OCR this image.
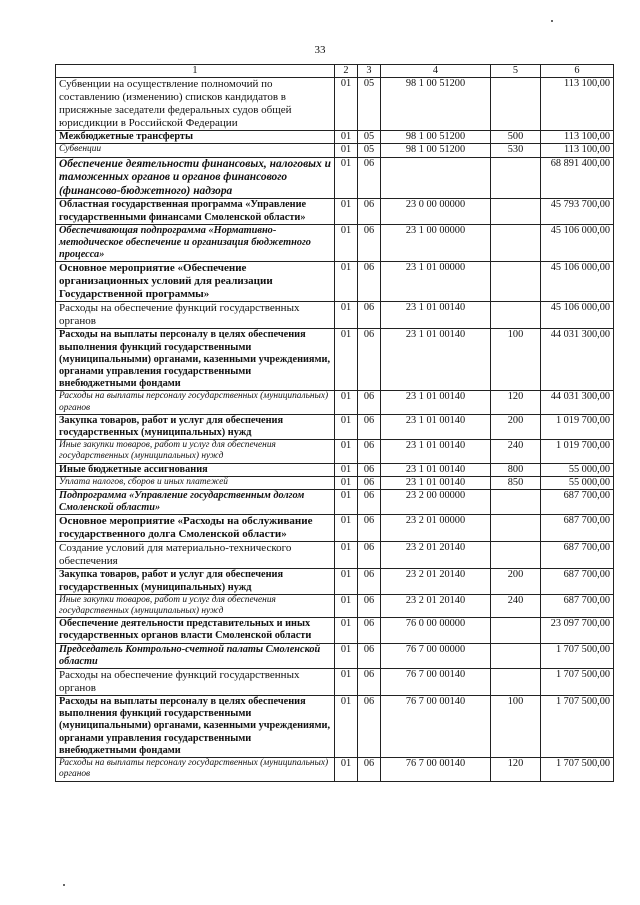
33
1	2	3	4	5	6
Субвенции на осуществление полномочий по составлению (изменению) списков кандидатов в присяжные заседатели федеральных судов общей юрисдикции в Российской Федерации	01	05	98 1 00 51200		113 100,00
Межбюджетные трансферты	01	05	98 1 00 51200	500	113 100,00
Субвенции	01	05	98 1 00 51200	530	113 100,00
Обеспечение деятельности финансовых, налоговых и таможенных органов и органов финансового (финансово-бюджетного) надзора	01	06			68 891 400,00
Областная государственная программа «Управление государственными финансами Смоленской области»	01	06	23 0 00 00000		45 793 700,00
Обеспечивающая подпрограмма «Нормативно-методическое обеспечение и организация бюджетного процесса»	01	06	23 1 00 00000		45 106 000,00
Основное мероприятие «Обеспечение организационных условий для реализации Государственной программы»	01	06	23 1 01 00000		45 106 000,00
Расходы на обеспечение функций государственных органов	01	06	23 1 01 00140		45 106 000,00
Расходы на выплаты персоналу в целях обеспечения выполнения функций государственными (муниципальными) органами, казенными учреждениями, органами управления государственными внебюджетными фондами	01	06	23 1 01 00140	100	44 031 300,00
Расходы на выплаты персоналу государственных (муниципальных) органов	01	06	23 1 01 00140	120	44 031 300,00
Закупка товаров, работ и услуг для обеспечения государственных (муниципальных) нужд	01	06	23 1 01 00140	200	1 019 700,00
Иные закупки товаров, работ и услуг для обеспечения государственных (муниципальных) нужд	01	06	23 1 01 00140	240	1 019 700,00
Иные бюджетные ассигнования	01	06	23 1 01 00140	800	55 000,00
Уплата налогов, сборов и иных платежей	01	06	23 1 01 00140	850	55 000,00
Подпрограмма «Управление государственным долгом Смоленской области»	01	06	23 2 00 00000		687 700,00
Основное мероприятие «Расходы на обслуживание государственного долга Смоленской области»	01	06	23 2 01 00000		687 700,00
Создание условий для материально-технического обеспечения	01	06	23 2 01 20140		687 700,00
Закупка товаров, работ и услуг для обеспечения государственных (муниципальных) нужд	01	06	23 2 01 20140	200	687 700,00
Иные закупки товаров, работ и услуг для обеспечения государственных (муниципальных) нужд	01	06	23 2 01 20140	240	687 700,00
Обеспечение деятельности представительных и иных государственных органов власти Смоленской области	01	06	76 0 00 00000		23 097 700,00
Председатель Контрольно-счетной палаты Смоленской области	01	06	76 7 00 00000		1 707 500,00
Расходы на обеспечение функций государственных органов	01	06	76 7 00 00140		1 707 500,00
Расходы на выплаты персоналу в целях обеспечения выполнения функций государственными (муниципальными) органами, казенными учреждениями, органами управления государственными внебюджетными фондами	01	06	76 7 00 00140	100	1 707 500,00
Расходы на выплаты персоналу государственных (муниципальных) органов	01	06	76 7 00 00140	120	1 707 500,00
